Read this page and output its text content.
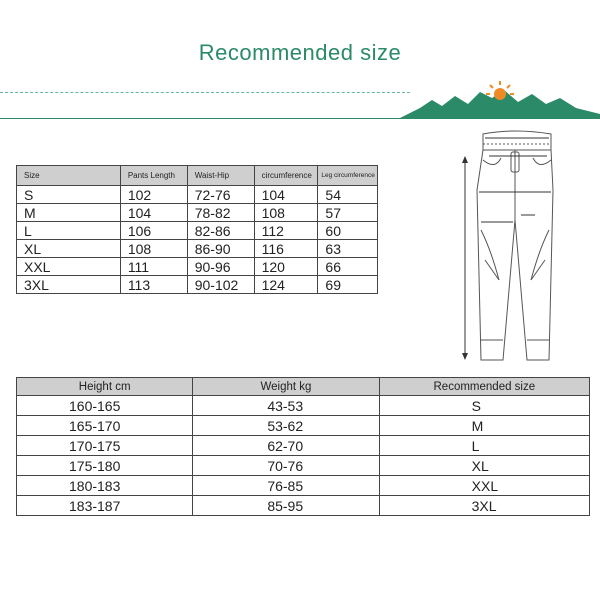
Recommended size
Size	Pants Length	Waist-Hip	circumference	Leg circumference
S	102	72-76	104	54
M	104	78-82	108	57
L	106	82-86	112	60
XL	108	86-90	116	63
XXL	111	90-96	120	66
3XL	113	90-102	124	69
Height cm	Weight kg	Recommended size
160-165	43-53	S
165-170	53-62	M
170-175	62-70	L
175-180	70-76	XL
180-183	76-85	XXL
183-187	85-95	3XL
